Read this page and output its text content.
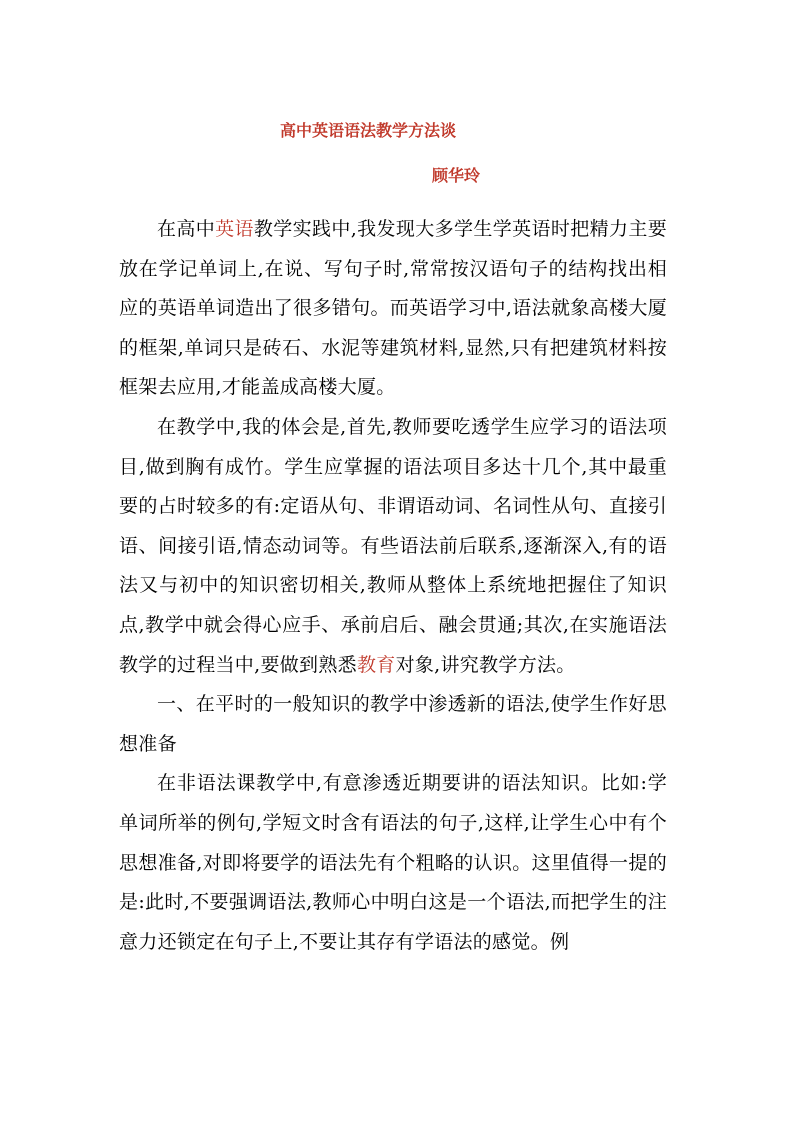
高中英语语法教学方法谈
顾华玲

在高中英语教学实践中,我发现大多学生学英语时把精力主要放在学记单词上,在说、写句子时,常常按汉语句子的结构找出相应的英语单词造出了很多错句。而英语学习中,语法就象高楼大厦的框架,单词只是砖石、水泥等建筑材料,显然,只有把建筑材料按框架去应用,才能盖成高楼大厦。

在教学中,我的体会是,首先,教师要吃透学生应学习的语法项目,做到胸有成竹。学生应掌握的语法项目多达十几个,其中最重要的占时较多的有:定语从句、非谓语动词、名词性从句、直接引语、间接引语,情态动词等。有些语法前后联系,逐渐深入,有的语法又与初中的知识密切相关,教师从整体上系统地把握住了知识点,教学中就会得心应手、承前启后、融会贯通;其次,在实施语法教学的过程当中,要做到熟悉教育对象,讲究教学方法。

一、在平时的一般知识的教学中渗透新的语法,使学生作好思想准备

在非语法课教学中,有意渗透近期要讲的语法知识。比如:学单词所举的例句,学短文时含有语法的句子,这样,让学生心中有个思想准备,对即将要学的语法先有个粗略的认识。这里值得一提的是:此时,不要强调语法,教师心中明白这是一个语法,而把学生的注意力还锁定在句子上,不要让其存有学语法的感觉。例
